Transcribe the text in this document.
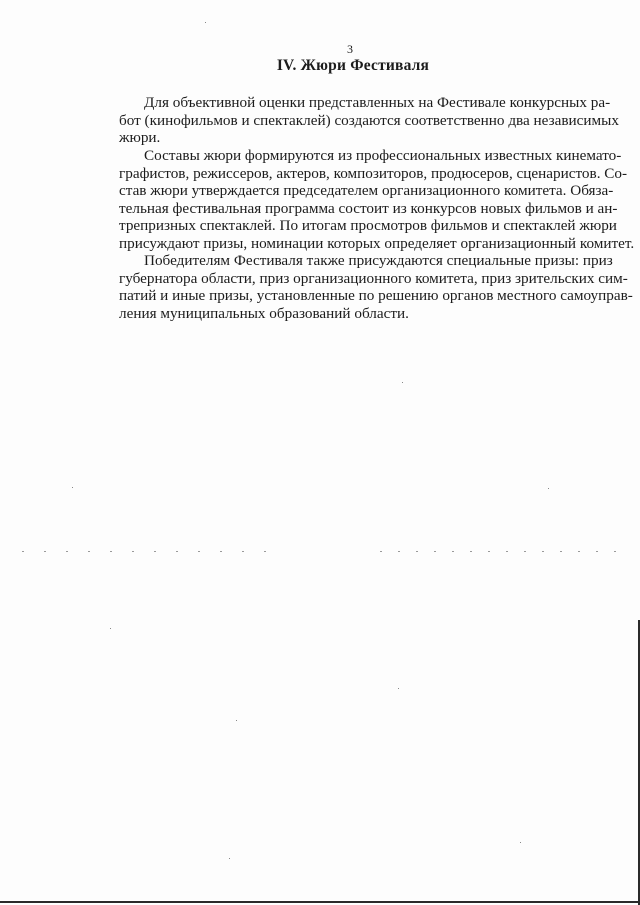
3
IV. Жюри Фестиваля
Для объективной оценки представленных на Фестивале конкурсных ра-
бот (кинофильмов и спектаклей) создаются соответственно два независимых
жюри.
Составы жюри формируются из профессиональных известных кинемато-
графистов, режиссеров, актеров, композиторов, продюсеров, сценаристов. Со-
став жюри утверждается председателем организационного комитета. Обяза-
тельная фестивальная программа состоит из конкурсов новых фильмов и ан-
трепризных спектаклей. По итогам просмотров фильмов и спектаклей жюри
присуждают призы, номинации которых определяет организационный комитет.
Победителям Фестиваля также присуждаются специальные призы: приз
губернатора области, приз организационного комитета, приз зрительских сим-
патий и иные призы, установленные по решению органов местного самоуправ-
ления муниципальных образований области.
